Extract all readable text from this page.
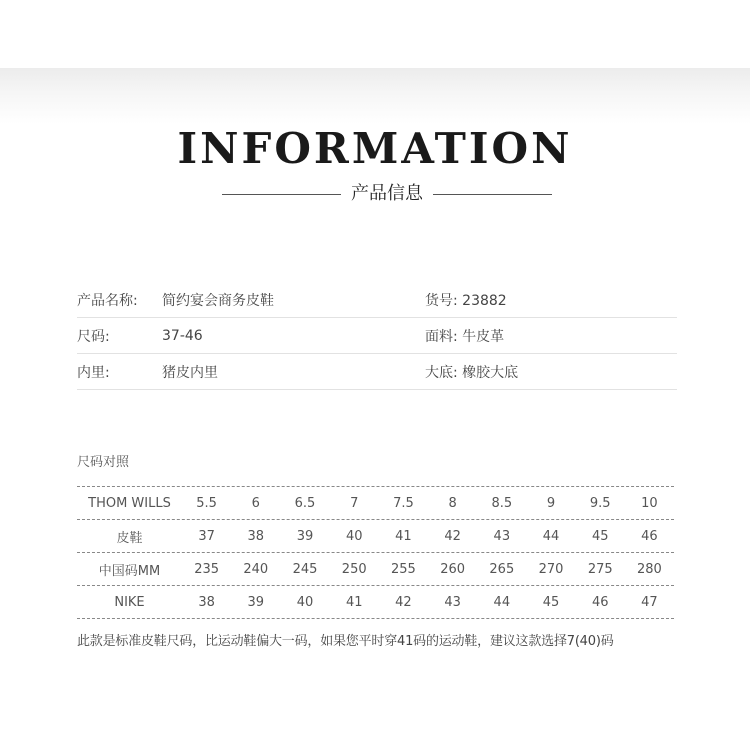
INFORMATION
产品信息
产品名称:	简约宴会商务皮鞋	货号: 23882
尺码:	37-46	面料: 牛皮革
内里:	猪皮内里	大底: 橡胶大底
尺码对照
THOM WILLS	5.5	6	6.5	7	7.5	8	8.5	9	9.5	10
皮鞋	37	38	39	40	41	42	43	44	45	46
中国码MM	235	240	245	250	255	260	265	270	275	280
NIKE	38	39	40	41	42	43	44	45	46	47
此款是标准皮鞋尺码，比运动鞋偏大一码，如果您平时穿41码的运动鞋，建议这款选择7(40)码
